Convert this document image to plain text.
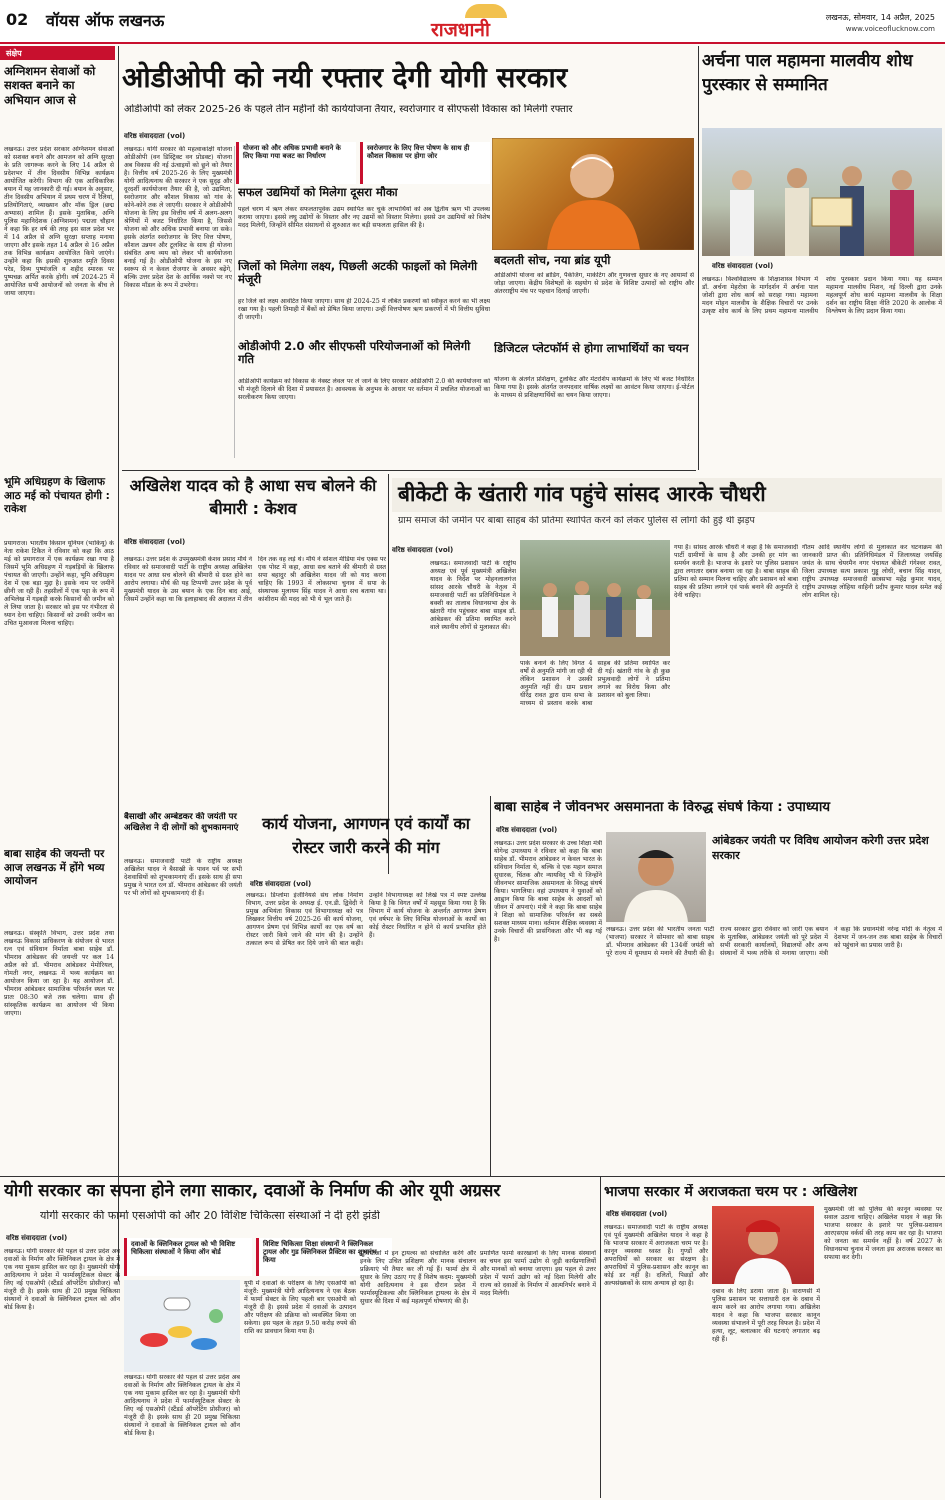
02 वॉयस ऑफ लखनऊ	राजधानी
लखनऊ, सोमवार, 14 अप्रैल, 2025
www.voiceoflucknow.com
संक्षेप
अग्निशमन सेवाओं को सशक्त बनाने का अभियान आज से
लखनऊ। उत्तर प्रदेश सरकार अग्निशमन सेवाओं को सशक्त बनाने और आमजन को अग्नि सुरक्षा के प्रति जागरूक करने के लिए 14 अप्रैल से प्रदेशभर में तीन दिवसीय विभिन्न कार्यक्रम आयोजित करेगी। विभाग की एक आधिकारिक बयान में यह जानकारी दी गई। बयान के अनुसार, तीन दिवसीय अभियान में प्रथम चरण में रैलियां, प्रतियोगिताएं, व्याख्यान और मॉक ड्रिल (छद्म अभ्यास) शामिल हैं। इसके मुताबिक, अग्नि पुलिस महानिदेशक (अग्निशमन) पद्मजा चौहान ने कहा कि हर वर्ष की तरह इस साल प्रदेश भर में 14 अप्रैल से अग्नि सुरक्षा सप्ताह मनाया जाएगा और इसके तहत 14 अप्रैल से 16 अप्रैल तक विभिन्न कार्यक्रम आयोजित किये जाएंगे। उन्होंने कहा कि इसकी शुरुआत स्मृति दिवस परेड, दिव्य पुष्पांजलि व शहीद स्मारक पर पुष्पचक्र अर्पित करके होगी। वर्ष 2024-25 में आयोजित सभी आयोजनों को जनता के बीच ले जाया जाएगा।
भूमि अधिग्रहण के खिलाफ आठ मई को पंचायत होगी : राकेश
प्रयागराज। भारतीय किसान यूनियन (भाकियू) के नेता राकेश टिकैत ने रविवार को कहा कि आठ मई को प्रयागराज में एक कार्यक्रम रखा गया है जिसमें भूमि अधिग्रहण में गड़बड़ियों के खिलाफ पंचायत की जाएगी। उन्होंने कहा, भूमि अधिग्रहण देश में एक बड़ा मुद्दा है। इसके नाम पर जमीनें छीनी जा रही हैं। तहसीलों में एक पट्टा के रूप में अभिलेख में गड़बड़ी करके किसानों की जमीन को ले लिया जाता है। सरकार को इस पर गंभीरता से ध्यान देना चाहिए। किसानों को उनकी जमीन का उचित मुआवजा मिलना चाहिए।
बाबा साहेब की जयन्ती पर आज लखनऊ में होंगे भव्य आयोजन
लखनऊ। संस्कृति विभाग, उत्तर प्रदेश तथा लखनऊ विकास प्राधिकरण के संयोजन से भारत रत्न एवं संविधान निर्माता बाबा साहेब डॉ. भीमराव आंबेडकर की जयन्ती पर कल 14 अप्रैल को डॉ. भीमराव आंबेडकर मेमोरियल, गोमती नगर, लखनऊ में भव्य कार्यक्रम का आयोजन किया जा रहा है। यह आयोजन डॉ. भीमराव आंबेडकर सामाजिक परिवर्तन स्थल पर प्रातः 08:30 बजे तक चलेगा। साथ ही सांस्कृतिक कार्यक्रम का आयोजन भी किया जाएगा।
ओडीओपी को नयी रफ्तार देगी योगी सरकार
ओडीओपी को लेकर 2025-26 के पहले तीन महीनों की कार्ययोजना तैयार, स्वरोजगार व सीएफसी विकास को मिलेगी रफ्तार
वरिष्ठ संवाददाता (vol)
योजना को और अधिक प्रभावी बनाने के लिए किया गया बजट का निर्धारण
स्वरोजगार के लिए वित्त पोषण के साथ ही कौशल विकास पर होगा जोर
लखनऊ। योगी सरकार की महत्वाकांक्षी योजना ओडीओपी (वन डिस्ट्रिक्ट वन प्रोडक्ट) योजना अब विकास की नई ऊंचाइयों को छूने को तैयार है। वित्तीय वर्ष 2025-26 के लिए मुख्यमंत्री योगी आदित्यनाथ की सरकार ने एक सुदृढ़ और दूरदर्शी कार्ययोजना तैयार की है, जो उद्यमिता, स्वरोजगार और कौशल विकास को गांव के कोने-कोने तक ले जाएगी। सरकार ने ओडीओपी योजना के लिए इस वित्तीय वर्ष में अलग-अलग श्रेणियों में बजट निर्धारित किया है, जिससे योजना को और अधिक प्रभावी बनाया जा सके। इसके अंतर्गत स्वरोजगार के लिए वित्त पोषण, कौशल उन्नयन और टूलकिट के साथ ही योजना संबंधित अन्य व्यय को लेकर भी कार्ययोजना बनाई गई है। ओडीओपी योजना के इस नए स्वरूप से न केवल रोजगार के अवसर बढ़ेंगे, बल्कि उत्तर प्रदेश देश के आर्थिक नक्शे पर नए विकास मॉडल के रूप में उभरेगा।
सफल उद्यमियों को मिलेगा दूसरा मौका
पहले चरण में ऋण लेकर सफलतापूर्वक उद्यम स्थापित कर चुके लाभार्थियों को अब द्वितीय ऋण भी उपलब्ध कराया जाएगा। इससे लघु उद्योगों के विस्तार और नए उद्यमों को विस्तार मिलेगा। इससे उन उद्यमियों को विशेष मदद मिलेगी, जिन्होंने सीमित संसाधनों से शुरुआत कर बड़ी सफलता हासिल की है।
जिलों को मिलेगा लक्ष्य, पिछली अटकी फाइलों को मिलेगी मंजूरी
हर जिले को लक्ष्य आवंटित किया जाएगा। साथ ही 2024-25 में लंबित प्रकरणों को स्वीकृत करने का भी लक्ष्य रखा गया है। पहली तिमाही में बैंकों को प्रेषित किया जाएगा। उन्हीं वित्तपोषण ऋण प्रकरणों में भी वित्तीय सुविधा दी जाएगी।
ओडीओपी 2.0 और सीएफसी परियोजनाओं को मिलेगी गति
ओडीओपी कार्यक्रम को विकास के नेक्स्ट लेवल पर ले जाने के लिए सरकार ओडीओपी 2.0 की कार्ययोजना को भी मंजूरी दिलाने की दिशा में प्रयासरत है। आवश्यक के अनुभव के आधार पर वर्तमान में प्रचलित योजनाओं का सरलीकरण किया जाएगा।
बदलती सोच, नया ब्रांड यूपी
ओडीओपी योजना को ब्रांडिंग, पैकेजिंग, मार्केटिंग और गुणवत्ता सुधार के नए आयामों से जोड़ा जाएगा। केंद्रीय विशेषज्ञों के सहयोग से प्रदेश के विशिष्ट उत्पादों को राष्ट्रीय और अंतरराष्ट्रीय मंच पर पहचान दिलाई जाएगी।
डिजिटल प्लेटफॉर्म से होगा लाभार्थियों का चयन
योजना के अंतर्गत प्रशिक्षण, टूलकिट और मेंटरशिप कार्यक्रमों के लिए भी बजट निर्धारित किया गया है। इसके अंतर्गत जनपदवार वार्षिक लक्ष्यों का आवंटन किया जाएगा। ई-पोर्टल के माध्यम से प्रशिक्षणार्थियों का चयन किया जाएगा।
अर्चना पाल महामना मालवीय शोध पुरस्कार से सम्मानित
वरिष्ठ संवाददाता (vol)
लखनऊ। विश्वविद्यालय के शिक्षाशास्त्र विभाग में डॉ. अर्चना मेहरोत्रा के मार्गदर्शन में अर्चना पाल जोशी द्वारा शोध कार्य को सराहा गया। महामना मदन मोहन मालवीय के शैक्षिक विचारों पर उनके उत्कृष्ट शोध कार्य के लिए प्रथम महामना मालवीय शोध पुरस्कार प्रदान किया गया। यह सम्मान महामना मालवीय मिशन, नई दिल्ली द्वारा उनके महत्वपूर्ण शोध कार्य महामना मालवीय के शिक्षा दर्शन का राष्ट्रीय शिक्षा नीति 2020 के आलोक में विश्लेषण के लिए प्रदान किया गया।
अखिलेश यादव को है आधा सच बोलने की बीमारी : केशव
वरिष्ठ संवाददाता (vol)
लखनऊ। उत्तर प्रदेश के उपमुख्यमंत्री केशव प्रसाद मौर्य ने रविवार को समाजवादी पार्टी के राष्ट्रीय अध्यक्ष अखिलेश यादव पर आधा सच बोलने की बीमारी से ग्रस्त होने का आरोप लगाया। मौर्य की यह टिप्पणी उत्तर प्रदेश के पूर्व मुख्यमंत्री यादव के उस बयान के एक दिन बाद आई, जिसमें उन्होंने कहा था कि इलाहाबाद की अदालत में तीन दिन तक वह लड़े थे। मौर्य ने सोशल मीडिया मंच एक्स पर एक पोस्ट में कहा, आधा सच बताने की बीमारी से ग्रस्त सपा बहादुर श्री अखिलेश यादव जी को याद करना चाहिए कि 1993 में लोकसभा चुनाव में सपा के संस्थापक मुलायम सिंह यादव ने आधा सच बताया था। कांशीराम की मदद को भी ये भूल जाते हैं।
बैसाखी और अम्बेडकर की जयंती पर अखिलेश ने दी लोगों को शुभकामनाएं
लखनऊ। समाजवादी पार्टी के राष्ट्रीय अध्यक्ष अखिलेश यादव ने बैसाखी के पावन पर्व पर सभी देशवासियों को शुभकामनाएं दीं। इसके साथ ही सपा प्रमुख ने भारत रत्न डॉ. भीमराव आंबेडकर की जयंती पर भी लोगों को शुभकामनाएं दी हैं।
बीकेटी के खंतारी गांव पहुंचे सांसद आरके चौधरी
ग्राम समाज की जमीन पर बाबा साहब की प्रतिमा स्थापित करने को लेकर पुलिस से लोगों की हुई थी झड़प
वरिष्ठ संवाददाता (vol)
लखनऊ। समाजवादी पार्टी के राष्ट्रीय अध्यक्ष एवं पूर्व मुख्यमंत्री अखिलेश यादव के निर्देश पर मोहनलालगंज सांसद आरके चौधरी के नेतृत्व में समाजवादी पार्टी का प्रतिनिधिमंडल ने बक्शी का तालाब विधानसभा क्षेत्र के खंतारी गांव पहुंचकर बाबा साहब डॉ. आंबेडकर की प्रतिमा स्थापित करने वाले स्थानीय लोगों से मुलाकात की।
पार्क बनाने के लिए विगत 4 वर्षों से अनुमति मांगी जा रही थी लेकिन प्रशासन ने उसकी अनुमति नहीं दी। ग्राम प्रधान धीरेंद्र रावत द्वारा ग्राम सभा के माध्यम से प्रस्ताव करके बाबा साहब की प्रतिमा स्थापित कर दी गई। खंतारी गांव के ही कुछ प्रभुत्ववादी लोगों ने प्रतिमा लगाने का विरोध किया और प्रशासन को बुला लिया।
गया है। सांसद आरके चौधरी ने कहा है कि समाजवादी पार्टी ग्रामीणों के साथ है और उनकी हर मांग का समर्थन करती है। भाजपा के इशारे पर पुलिस प्रशासन द्वारा लगातार दबाव बनाया जा रहा है। बाबा साहब की प्रतिमा को सम्मान मिलना चाहिए और प्रशासन को बाबा साहब की प्रतिमा लगाने एवं पार्क बनाने की अनुमति दे देनी चाहिए।
गौतम आदि स्थानीय लोगों से मुलाकात कर घटनाक्रम की जानकारी प्राप्त की। प्रतिनिधिमंडल में जिलाध्यक्ष जयसिंह जयंत के साथ चेयरमैन नगर पंचायत बीकेटी गंगेश्वर रावत, जिला उपाध्यक्ष सत्य प्रकाश गुड्डू लोधी, बचान सिंह यादव, राष्ट्रीय उपाध्यक्ष समाजवादी छात्रसभा महेंद्र कुमार यादव, राष्ट्रीय उपाध्यक्ष लोहिया वाहिनी प्रदीप कुमार यादव समेत कई लोग शामिल रहे।
कार्य योजना, आगणन एवं कार्यों का रोस्टर जारी करने की मांग
वरिष्ठ संवाददाता (vol)
लखनऊ। डिप्लोमा इंजीनियर्स संघ लोक निर्माण विभाग, उत्तर प्रदेश के अध्यक्ष ई. एन.डी. द्विवेदी ने प्रमुख अभियंता विकास एवं विभागाध्यक्ष को पत्र लिखकर वित्तीय वर्ष 2025-26 की कार्य योजना, आगणन प्रेषण एवं विभिन्न कार्यों का एक वर्ष का रोस्टर जारी किये जाने की मांग की है। उन्होंने तत्काल रूप से प्रेषित कर दिये जाने की बात कही। उन्होंने विभागाध्यक्ष को लिखे पत्र में स्पष्ट उल्लेख किया है कि विगत वर्षों में महसूस किया गया है कि विभाग में कार्य योजना के अन्तर्गत आगणन प्रेषण एवं वर्षभर के लिए विभिन्न योजनाओं के कार्यों का कोई रोस्टर निर्धारित न होने से कार्य प्रभावित होते हैं।
बाबा साहेब ने जीवनभर असमानता के विरुद्ध संघर्ष किया : उपाध्याय
वरिष्ठ संवाददाता (vol)
लखनऊ। उत्तर प्रदेश सरकार के उच्च शिक्षा मंत्री योगेन्द्र उपाध्याय ने रविवार को कहा कि बाबा साहेब डॉ. भीमराव आंबेडकर न केवल भारत के संविधान निर्माता थे, बल्कि वे एक महान समाज सुधारक, चिंतक और न्यायविद् भी थे जिन्होंने जीवनभर सामाजिक असमानता के विरुद्ध संघर्ष किया। भागलिया। वहां उपाध्याय ने युवाओं को आह्वान किया कि बाबा साहेब के आदर्शों को जीवन में अपनाएं। मंत्री ने कहा कि बाबा साहेब ने शिक्षा को सामाजिक परिवर्तन का सबसे सशक्त माध्यम माना। वर्तमान शैक्षिक व्यवस्था में उनके विचारों की प्रासंगिकता और भी बढ़ गई है।
आंबेडकर जयंती पर विविध आयोजन करेगी उत्तर प्रदेश सरकार
लखनऊ। उत्तर प्रदेश की भारतीय जनता पार्टी (भाजपा) सरकार ने सोमवार को बाबा साहब डॉ. भीमराव आंबेडकर की 134वीं जयंती को पूरे राज्य में धूमधाम से मनाने की तैयारी की है। राज्य सरकार द्वारा रविवार को जारी एक बयान के मुताबिक, आंबेडकर जयंती को पूरे प्रदेश में सभी सरकारी कार्यालयों, विद्यालयों और अन्य संस्थानों में भव्य तरीके से मनाया जाएगा। मंत्री ने कहा कि प्रधानमंत्री नरेन्द्र मोदी के नेतृत्व में देशभर में जन-जन तक बाबा साहेब के विचारों को पहुंचाने का प्रयास जारी है।
योगी सरकार का सपना होने लगा साकार, दवाओं के निर्माण की ओर यूपी अग्रसर
योगी सरकार की फार्मा एसओपी को और 20 विशिष्ट चिकित्सा संस्थाओं ने दी हरी झंडी
वरिष्ठ संवाददाता (vol)
लखनऊ। योगी सरकार की पहल से उत्तर प्रदेश अब दवाओं के निर्माण और क्लिनिकल ट्रायल के क्षेत्र में एक नया मुकाम हासिल कर रहा है। मुख्यमंत्री योगी आदित्यनाथ ने प्रदेश में फार्मास्यूटिकल सेक्टर के लिए नई एसओपी (स्टैंडर्ड ऑपरेटिंग प्रोसीजर) को मंजूरी दी है। इसके साथ ही 20 प्रमुख चिकित्सा संस्थानों ने दवाओं के क्लिनिकल ट्रायल को ऑन बोर्ड किया है।
दवाओं के क्लिनिकल ट्रायल को भी विशिष्ट चिकित्सा संस्थाओं ने किया ऑन बोर्ड
विशिष्ट चिकित्सा शिक्षा संस्थानों ने क्लिनिकल ट्रायल और गुड क्लिनिकल प्रैक्टिस का शुभारंभ किया
लखनऊ। योगी सरकार की पहल से उत्तर प्रदेश अब दवाओं के निर्माण और क्लिनिकल ट्रायल के क्षेत्र में एक नया मुकाम हासिल कर रहा है। मुख्यमंत्री योगी आदित्यनाथ ने प्रदेश में फार्मास्यूटिकल सेक्टर के लिए नई एसओपी (स्टैंडर्ड ऑपरेटिंग प्रोसीजर) को मंजूरी दी है। इसके साथ ही 20 प्रमुख चिकित्सा संस्थानों ने दवाओं के क्लिनिकल ट्रायल को ऑन बोर्ड किया है।
यूपी में दवाओं के परीक्षण के लिए एसओपी को मंजूरी: मुख्यमंत्री योगी आदित्यनाथ ने एक बैठक में फार्मा सेक्टर के लिए पहली बार एसओपी को मंजूरी दी है। इससे प्रदेश में दवाओं के उत्पादन और परीक्षण की प्रक्रिया को व्यवस्थित किया जा सकेगा। इस पहल के तहत 9.50 करोड़ रुपये की राशि का प्रावधान किया गया है।
सुविधाओं में इन ट्रायल्स को संचालित करेंगे और इनके लिए उचित प्रशिक्षण और मानक संचालन प्रक्रियाएं भी तैयार कर ली गई हैं। फार्मा क्षेत्र में सुधार के लिए उठाए गए हैं विशेष कदम: मुख्यमंत्री योगी आदित्यनाथ ने इस दौरान प्रदेश में फार्मास्यूटिकल्स और क्लिनिकल ट्रायल्स के क्षेत्र में सुधार की दिशा में कई महत्वपूर्ण घोषणाएं की हैं।
प्रमाणित फार्मा कारखानों के लिए मानक संस्थानों का चयन इस फार्मा उद्योग से जुड़ी कार्यप्रणालियों और मानकों को बनाया जाएगा। इस पहल से उत्तर प्रदेश में फार्मा उद्योग को नई दिशा मिलेगी और राज्य को दवाओं के निर्माण में आत्मनिर्भर बनाने में मदद मिलेगी।
भाजपा सरकार में अराजकता चरम पर : अखिलेश
वरिष्ठ संवाददाता (vol)
लखनऊ। समाजवादी पार्टी के राष्ट्रीय अध्यक्ष एवं पूर्व मुख्यमंत्री अखिलेश यादव ने कहा है कि भाजपा सरकार में अराजकता चरम पर है। कानून व्यवस्था ध्वस्त है। गुण्डों और अपराधियों को सरकार का संरक्षण है। अपराधियों में पुलिस-प्रशासन और कानून का कोई डर नहीं है। दलितों, पिछड़ों और अल्पसंख्यकों के साथ अन्याय हो रहा है।
दबाव के लिए डराया जाता है। वाराणसी में पुलिस प्रशासन पर सत्ताधारी दल के दबाव में काम करने का आरोप लगाया गया। अखिलेश यादव ने कहा कि भाजपा सरकार कानून व्यवस्था संभालने में पूरी तरह विफल है। प्रदेश में हत्या, लूट, बलात्कार की घटनाएं लगातार बढ़ रही हैं।
मुख्यमंत्री जी को पुलिस की कानून व्यवस्था पर सवाल उठाना चाहिए। अखिलेश यादव ने कहा कि भाजपा सरकार के इशारे पर पुलिस-प्रशासन आरएसएस वर्कर्स की तरह काम कर रहा है। भाजपा को जनता का समर्थन नहीं है। वर्ष 2027 के विधानसभा चुनाव में जनता इस अराजक सरकार का सफाया कर देगी।
